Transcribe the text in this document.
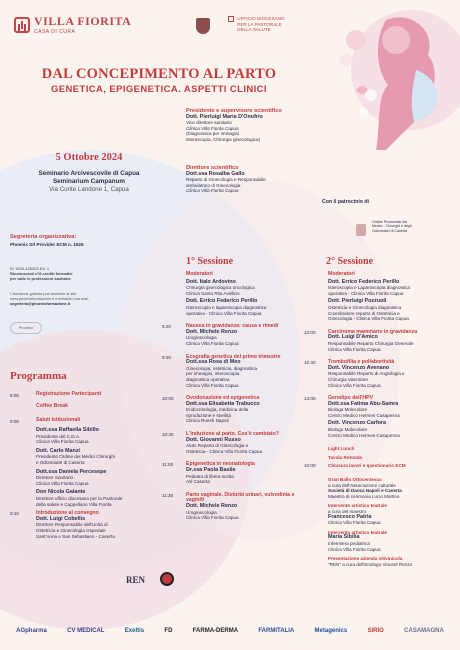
VILLA FIORITA
CASA DI CURA
UFFICIO DIOCESANO
PER LA PASTORALE
DELLA SALUTE
DAL CONCEPIMENTO AL PARTO
GENETICA, EPIGENETICA. ASPETTI CLINICI
5 Ottobre 2024
Seminario Arcivescovile di Capua
Seminarium Campanum
Via Conte Landone 1, Capua
Segreteria organizzativa:
Phoenix Srl Provider ECM n. 1626
ID 1626-425325 Ed. 1
Riconosciuti n°8 crediti formativi
per tutte le professioni sanitarie
L'iscrizione gratuita può avvenire al sito
www.phoenixformazione.it o inviando una mail:
segreteria@phoenixformazione.it
Phoenix
Presidente e supervisore scientifico
Dott. Pierluigi Maria D'Onofrio
Vice direttore sanitario
Clinica Villa Fiorita Capua
(Diagnostica per immagini
isteroscopia, Chirurgia ginecologica)
Direttore scientifico
Dott.ssa Rosalba Gallo
Reparto di Ginecologia e Responsabile
ambulatorio di Ginecologia
Clinica Villa Fiorita Capua
Con il patrocinio di
Ordine Provinciale dei
Medici - Chirurghi e degli
Odontoiatri di Caserta
Programma
8:00	Registrazione Partecipanti
Coffee Break
9:00	Saluti Istituzionali
Dott.ssa Raffaella Sibillo
Presidente del C.D.A.
Clinica Villa Fiorita Capua
Dott. Carlo Manzi
Presidente Ordine dei Medici Chirurghi
e Odontoiatri di Caserta
Dott.ssa Daniela Percesepe
Direttore Sanitario
Clinica Villa Fiorita Capua
Don Nicola Galante
Direttore ufficio diocesano per la Pastorale
della salute e Cappellano Villa Fiorita
9:10	Introduzione al convegno
Dott. Luigi Cobellis
Direttore Responsabile dell'Unità di
Ostetricia e Ginecologia Ospedale
Sant'Anna e San Sebastiano - Caserta
REN
1° Sessione
Moderatori
Dott. Italo Ardovino
Chirurgia ginecologica oncologica
Clinica Santa Rita Avellino
Dott. Errico Federico Perillo
Isteroscopia e laparoscopia diagnostica
operativa - Clinica Villa Fiorita Capua
9:20	Nausea in gravidanza: causa e rimedi
Dott. Michele Renzo
Uroginecologia
Clinica Villa Fiorita Capua
9:30	Ecografia genetica del primo trimestre
Dott.ssa Rosa di Meo
Ginecologia, ostetricia, diagnostica
per immagini, isteroscopia
diagnostica operativa
Clinica Villa Fiorita Capua
10:00 Ovodonazione ed epigenetica
Dott.ssa Elisabetta Trabucco
Endocrinologia, medicina della
riproduzione e sterilità
Clinica Ruesh Napoli
10:30 L'induzione al parto. Cos'è cambiato?
Dott. Giovanni Russo
Aiuto Reparto di Ginecologia e
Ostetricia - Clinica Villa Fiorita Capua
11:00 Epigenetica in neonatologia
Dr.ssa Paola Basile
Pediatra di libera scelta
Asl Caserta
11:30 Parto vaginale. Disturbi urinari, vulvodinia e vaginiti
Dott. Michele Renzo
Uroginecologia
Clinica Villa Fiorita Capua
2° Sessione
Moderatori
Dott. Errico Federico Perillo
Isteroscopia e Laparoscopia diagnostica
operativa - Clinica Villa Fiorita Capua
Dott. Pierluigi Pozzuoli
Ostetricia e Ginecologia diagnostica
Coordinatore reparto di Ostetricia e
Ginecologia - Clinica Villa Fiorita Capua
12:00 Carcinoma mammario in gravidanza
Dott. Luigi D'Amico
Responsabile Reparto Chirurgia Generale
Clinica Villa Fiorita Capua
12:30 Trombofilia e poliabortività
Dott. Vincenzo Avenano
Responsabile Reparto di Angiologia e
Chirurgia Vascolare
Clinica Villa Fiorita Capua
13:00 Genotipo dell'HPV
Dott.ssa Fatima Abu-Samra
Biologa Molecolare
Centro Medico Hermes Casapesna
Dott. Vincenzo Carfora
Biologo Molecolare
Centro Medico Hermes Casapesna
Light Lunch
Tavola Rotonda
16:00	Chiusura lavori e questionario ECM
Gran Ballo Ottocentesco
a cura dell'Associazione culturale
Società di Danza Napoli e Caserta
Maestro di cerimonia Lucio Martino
Intervento artistico teatrale
a cura del maestro
Francesco Patria
Clinica Villa Fiorita Capua
Intervento artistico teatrale
Maria Sibilia
Infermiera pediatrica
Clinica Villa Fiorita Capua
Presentazione azienda vitivinicola
"REN" a cura dell'Enologo Vincent Renzo
AGpharma	CV MEDICAL	Exeltis	FD	FARMA-DERMA	FARMITALIA	Metagenics	SIRIO	CASAMAGNA
